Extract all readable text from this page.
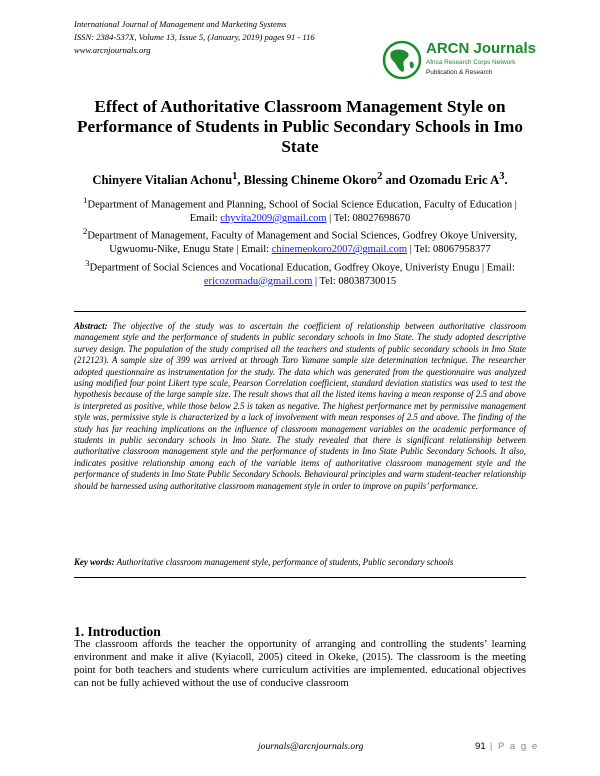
International Journal of Management and Marketing Systems
ISSN: 2384-537X, Volume 13, Issue 5, (January, 2019) pages 91 - 116
www.arcnjournals.org	ARCN Journals
Africa Research Corps Network
Publication & Research
Effect of Authoritative Classroom Management Style on Performance of Students in Public Secondary Schools in Imo State
Chinyere Vitalian Achonu$^1$, Blessing Chineme Okoro$^2$ and Ozomadu Eric $A^3$.
$^1$Department of Management and Planning, School of Social Science Education, Faculty of Education | Email: chyvita2009@gmail.com | Tel: 08027698670
$^2$Department of Management, Faculty of Management and Social Sciences, Godfrey Okoye University, Ugwuomu-Nike, Enugu State | Email: chinemeokoro2007@gmail.com | Tel: 08067958377
$^3$Department of Social Sciences and Vocational Education, Godfrey Okoye, Univeristy Enugu | Email: ericozomadu@gmail.com | Tel: 08038730015
Abstract: The objective of the study was to ascertain the coefficient of relationship between authoritative classroom management style and the performance of students in public secondary schools in Imo State. The study adopted descriptive survey design. The population of the study comprised all the teachers and students of public secondary schools in Imo State (212123). A sample size of 399 was arrived at through Taro Yamane sample size determination technique. The researcher adopted questionnaire as instrumentation for the study. The data which was generated from the questionnaire was analyzed using modified four point Likert type scale, Pearson Correlation coefficient, standard deviation statistics was used to test the hypothesis because of the large sample size. The result shows that all the listed items having a mean response of 2.5 and above is interpreted as positive, while those below 2.5 is taken as negative. The highest performance met by permissive management style was, permissive style is characterized by a lack of involvement with mean responses of 2.5 and above. The finding of the study has far reaching implications on the influence of classroom management variables on the academic performance of students in public secondary schools in Imo State. The study revealed that there is significant relationship between authoritative classroom management style and the performance of students in Imo State Public Secondary Schools. It also, indicates positive relationship among each of the variable items of authoritative classroom management style and the performance of students in Imo State Public Secondary Schools. Behavioural principles and warm student-teacher relationship should be harnessed using authoritative classroom management style in order to improve on pupils’ performance.
Key words: Authoritative classroom management style, performance of students, Public secondary schools
1. Introduction
The classroom affords the teacher the opportunity of arranging and controlling the students’ learning environment and make it alive (Kyiacoll, 2005) citeed in Okeke, (2015). The classroom is the meeting point for both teachers and students where curriculum activities are implemented. educational objectives can not be fully achieved without the use of conducive classroom
journals@arcnjournals.org	91 | P a g e
